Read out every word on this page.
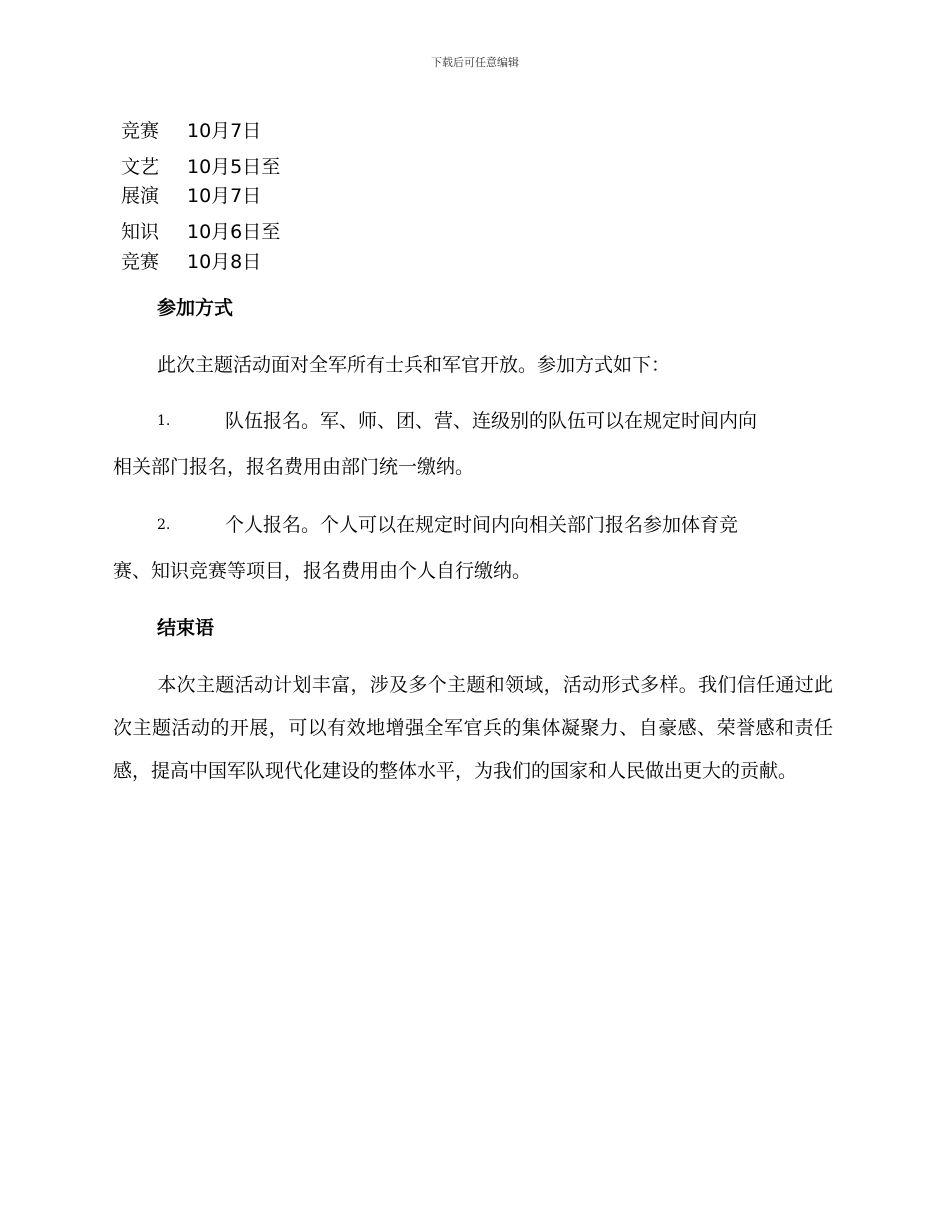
下载后可任意编辑
竞赛 10月7日
文艺 10月5日至
展演 10月7日
知识 10月6日至
竞赛 10月8日
参加方式
此次主题活动面对全军所有士兵和军官开放。参加方式如下：
1.	队伍报名。军、师、团、营、连级别的队伍可以在规定时间内向
相关部门报名，报名费用由部门统一缴纳。
2.	个人报名。个人可以在规定时间内向相关部门报名参加体育竞
赛、知识竞赛等项目，报名费用由个人自行缴纳。
结束语
本次主题活动计划丰富，涉及多个主题和领域，活动形式多样。我们信任通过此次主题活动的开展，可以有效地增强全军官兵的集体凝聚力、自豪感、荣誉感和责任感，提高中国军队现代化建设的整体水平，为我们的国家和人民做出更大的贡献。
